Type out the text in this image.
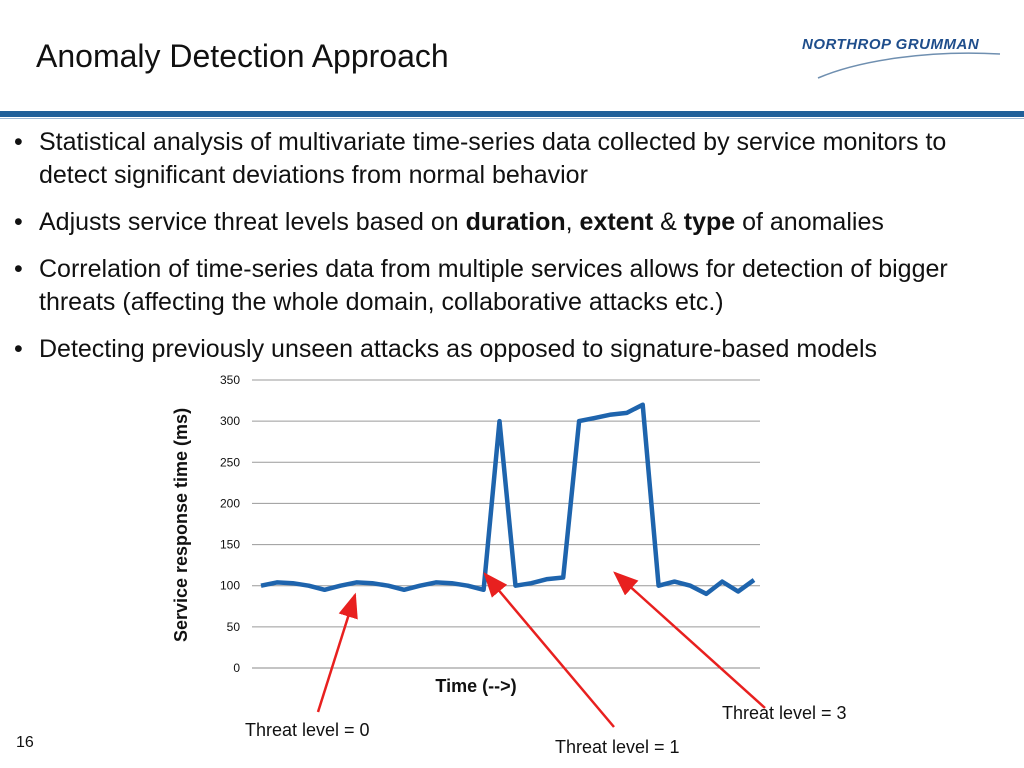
Anomaly Detection Approach	NORTHROP GRUMMAN
• Statistical analysis of multivariate time-series data collected by service monitors to detect significant deviations from normal behavior
• Adjusts service threat levels based on duration, extent & type of anomalies
• Correlation of time-series data from multiple services allows for detection of bigger threats (affecting the whole domain, collaborative attacks etc.)
• Detecting previously unseen attacks as opposed to signature-based models
0
50
100
150
200
250
300
350
Time (-->)
Service response time (ms)
Threat level = 0
Threat level = 1
Threat level = 3
16
